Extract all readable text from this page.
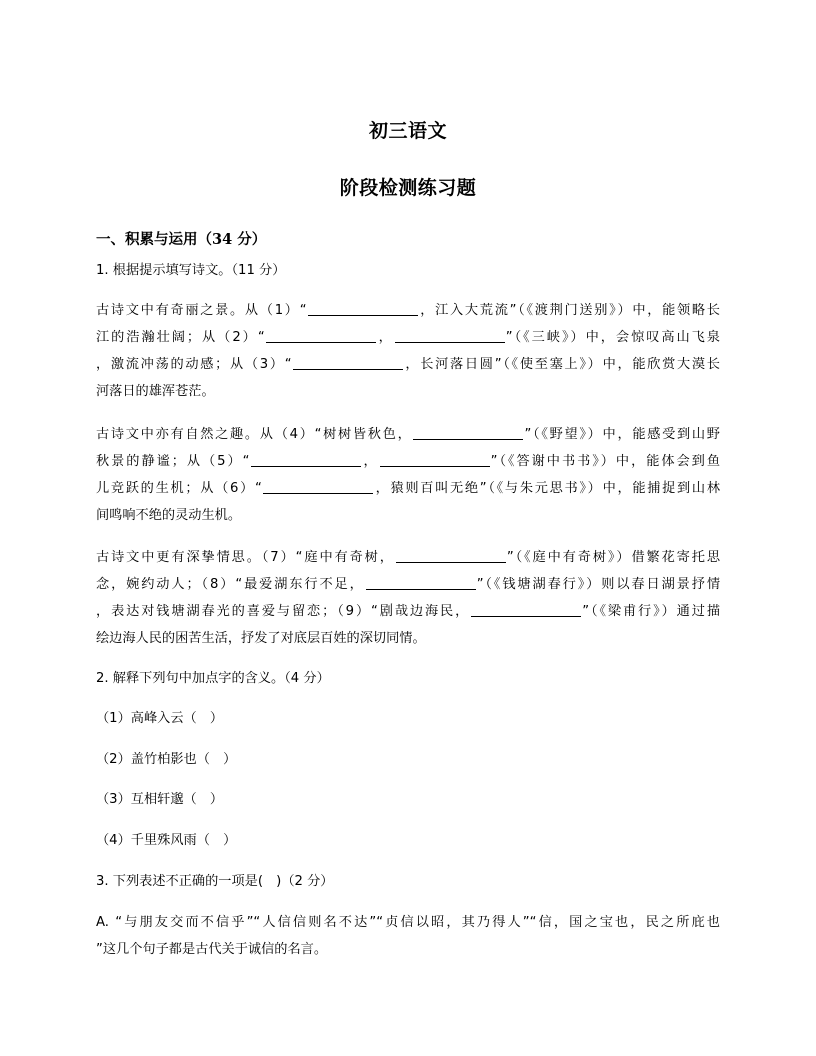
初三语文
阶段检测练习题
一、积累与运用（34 分）
1. 根据提示填写诗文。（11 分）
古诗文中有奇丽之景。从（1）“	，江入大荒流”（《渡荆门送别》）中，能领略长
江的浩瀚壮阔；从（2）“	，	”（《三峡》）中，会惊叹高山飞泉
，激流冲荡的动感；从（3）“	，长河落日圆”（《使至塞上》）中，能欣赏大漠长
河落日的雄浑苍茫。
古诗文中亦有自然之趣。从（4）“树树皆秋色，	”（《野望》）中，能感受到山野
秋景的静谧；从（5）“	，	”（《答谢中书书》）中，能体会到鱼
儿竞跃的生机；从（6）“	，猿则百叫无绝”（《与朱元思书》）中，能捕捉到山林
间鸣响不绝的灵动生机。
古诗文中更有深挚情思。（7）“庭中有奇树，	”（《庭中有奇树》）借繁花寄托思
念，婉约动人；（8）“最爱湖东行不足，	”（《钱塘湖春行》）则以春日湖景抒情
，表达对钱塘湖春光的喜爱与留恋；（9）“剧哉边海民，	”（《梁甫行》）通过描
绘边海人民的困苦生活，抒发了对底层百姓的深切同情。
2. 解释下列句中加点字的含义。（4 分）
（1）高峰入云（　）
（2）盖竹柏影也（　）
（3）互相轩邈（　）
（4）千里殊风雨（　）
3. 下列表述不正确的一项是(　)（2 分）
A. “与朋友交而不信乎”“人信信则名不达”“贞信以昭，其乃得人”“信，国之宝也，民之所庇也
”这几个句子都是古代关于诚信的名言。
